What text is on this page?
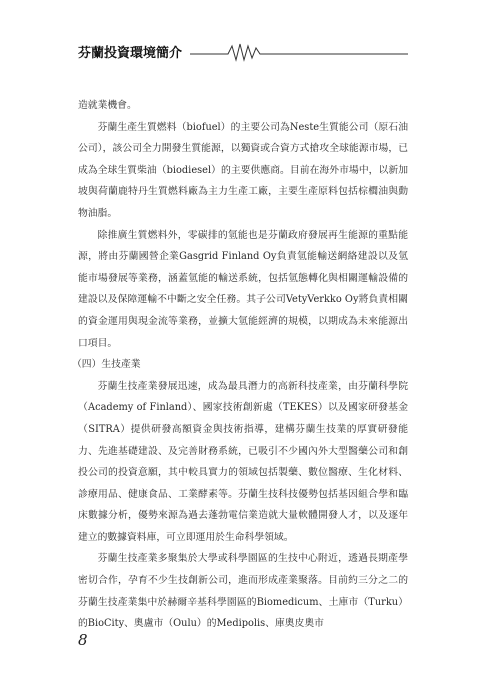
芬蘭投資環境簡介

造就業機會。

芬蘭生產生質燃料（biofuel）的主要公司為Neste生質能公司（原石油公司），該公司全力開發生質能源，以獨資或合資方式搶攻全球能源市場，已成為全球生質柴油（biodiesel）的主要供應商。目前在海外市場中，以新加坡與荷蘭鹿特丹生質燃料廠為主力生產工廠，主要生產原料包括棕櫚油與動物油脂。

除推廣生質燃料外，零碳排的氫能也是芬蘭政府發展再生能源的重點能源，將由芬蘭國營企業Gasgrid Finland Oy負責氫能輸送網絡建設以及氫能市場發展等業務，涵蓋氫能的輸送系統，包括氫態轉化與相關運輸設備的建設以及保障運輸不中斷之安全任務。其子公司VetyVerkko Oy將負責相關的資金運用與現金流等業務，並擴大氫能經濟的規模，以期成為未來能源出口項目。

（四）生技產業

芬蘭生技產業發展迅速，成為最具潛力的高新科技產業，由芬蘭科學院（Academy of Finland）、國家技術創新處（TEKES）以及國家研發基金（SITRA）提供研發高額資金與技術指導，建構芬蘭生技業的厚實研發能力、先進基礎建設、及完善財務系統，已吸引不少國內外大型醫藥公司和創投公司的投資意願，其中較具實力的領域包括製藥、數位醫療、生化材料、診療用品、健康食品、工業酵素等。芬蘭生技科技優勢包括基因組合學和臨床數據分析，優勢來源為過去蓬勃電信業造就大量軟體開發人才，以及逐年建立的數據資料庫，可立即運用於生命科學領域。

芬蘭生技產業多聚集於大學或科學園區的生技中心附近，透過長期產學密切合作，孕育不少生技創新公司，進而形成產業聚落。目前約三分之二的芬蘭生技產業集中於赫爾辛基科學園區的Biomedicum、土庫市（Turku）的BioCity、奧盧市（Oulu）的Medipolis、庫奧皮奧市

8
